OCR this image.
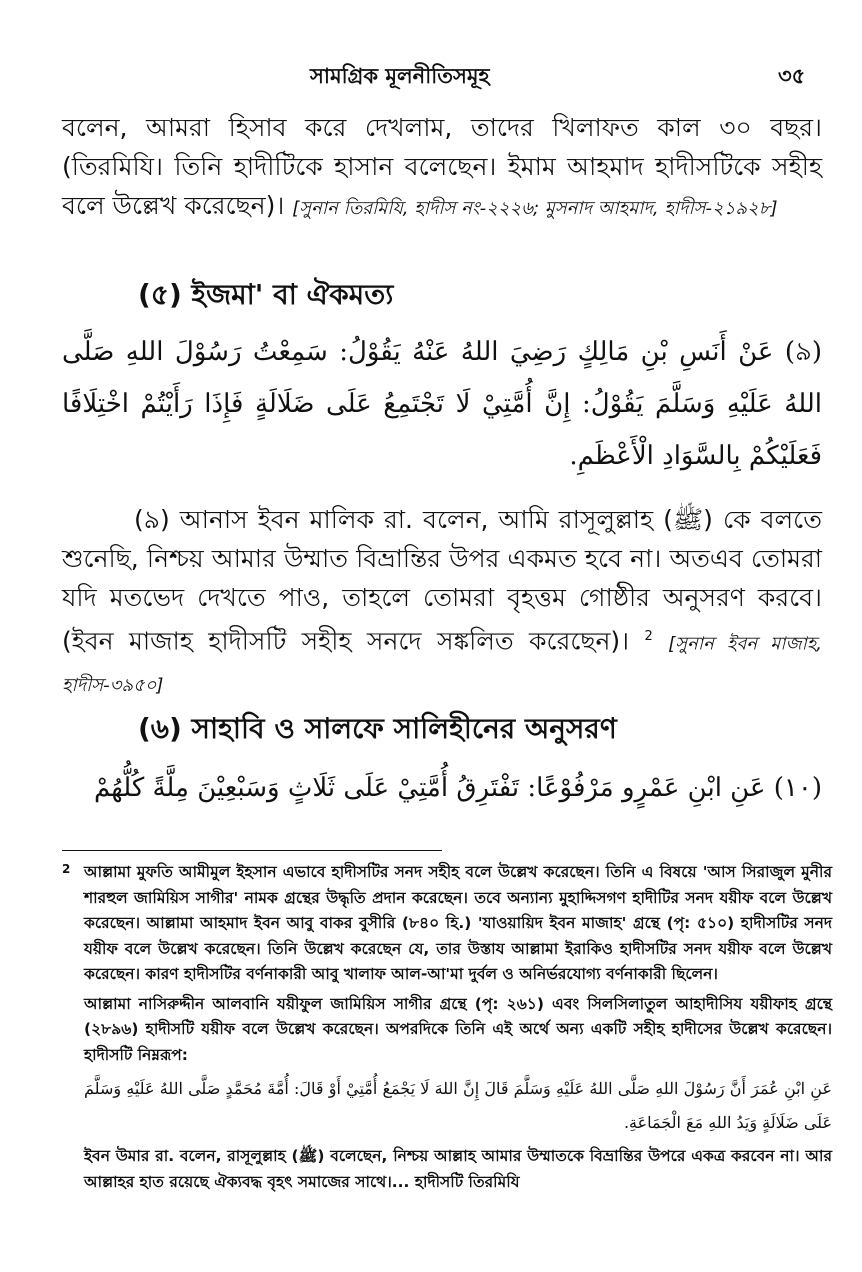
সামগ্রিক মূলনীতিসমূহ	৩৫

বলেন, আমরা হিসাব করে দেখলাম, তাদের খিলাফত কাল ৩০ বছর। (তিরমিযি। তিনি হাদীটিকে হাসান বলেছেন। ইমাম আহমাদ হাদীসটিকে সহীহ বলে উল্লেখ করেছেন)। [সুনান তিরমিযি, হাদীস নং-২২২৬; মুসনাদ আহমাদ, হাদীস-২১৯২৮]

(৫) ইজমা' বা ঐকমত্য

(৯) عَنْ أَنَسِ بْنِ مَالِكٍ رَضِيَ اللهُ عَنْهُ يَقُوْلُ: سَمِعْتُ رَسُوْلَ اللهِ صَلَّى اللهُ عَلَيْهِ وَسَلَّمَ يَقُوْلُ: إِنَّ أُمَّتِيْ لَا تَجْتَمِعُ عَلَى ضَلَالَةٍ فَإِذَا رَأَيْتُمْ اخْتِلَافًا فَعَلَيْكُمْ بِالسَّوَادِ الْأَعْظَمِ.

(৯) আনাস ইবন মালিক রা. বলেন, আমি রাসূলুল্লাহ (ﷺ) কে বলতে শুনেছি, নিশ্চয় আমার উম্মাত বিভ্রান্তির উপর একমত হবে না। অতএব তোমরা যদি মতভেদ দেখতে পাও, তাহলে তোমরা বৃহত্তম গোষ্ঠীর অনুসরণ করবে। (ইবন মাজাহ হাদীসটি সহীহ সনদে সঙ্কলিত করেছেন)। $^2$ [সুনান ইবন মাজাহ, হাদীস-৩৯৫০]

(৬) সাহাবি ও সালফে সালিহীনের অনুসরণ

(١٠) عَنِ ابْنِ عَمْرٍو مَرْفُوْعًا: تَفْتَرِقُ أُمَّتِيْ عَلَى ثَلَاثٍ وَسَبْعِيْنَ مِلَّةً كُلُّهُمْ

2 আল্লামা মুফতি আমীমুল ইহসান এভাবে হাদীসটির সনদ সহীহ বলে উল্লেখ করেছেন। তিনি এ বিষয়ে 'আস সিরাজুল মুনীর শারহুল জামিয়িস সাগীর' নামক গ্রন্থের উদ্ধৃতি প্রদান করেছেন। তবে অন্যান্য মুহাদ্দিসগণ হাদীটির সনদ যয়ীফ বলে উল্লেখ করেছেন। আল্লামা আহমাদ ইবন আবু বাকর বুসীরি (৮৪০ হি.) 'যাওয়ায়িদ ইবন মাজাহ' গ্রন্থে (পৃ: ৫১০) হাদীসটির সনদ যয়ীফ বলে উল্লেখ করেছেন। তিনি উল্লেখ করেছেন যে, তার উস্তায আল্লামা ইরাকিও হাদীসটির সনদ যয়ীফ বলে উল্লেখ করেছেন। কারণ হাদীসটির বর্ণনাকারী আবু খালাফ আল-আ'মা দুর্বল ও অনির্ভরযোগ্য বর্ণনাকারী ছিলেন।

আল্লামা নাসিরুদ্দীন আলবানি যয়ীফুল জামিয়িস সাগীর গ্রন্থে (পৃ: ২৬১) এবং সিলসিলাতুল আহাদীসিয যয়ীফাহ গ্রন্থে (২৮৯৬) হাদীসটি যয়ীফ বলে উল্লেখ করেছেন। অপরদিকে তিনি এই অর্থে অন্য একটি সহীহ হাদীসের উল্লেখ করেছেন। হাদীসটি নিম্নরূপ:

عَنِ ابْنِ عُمَرَ أَنَّ رَسُوْلَ اللهِ صَلَّى اللهُ عَلَيْهِ وَسَلَّمَ قَالَ إِنَّ اللهَ لَا يَجْمَعُ أُمَّتِيْ أَوْ قَالَ: أُمَّةَ مُحَمَّدٍ صَلَّى اللهُ عَلَيْهِ وَسَلَّمَ عَلَى ضَلَالَةٍ وَيَدُ اللهِ مَعَ الْجَمَاعَةِ.

ইবন উমার রা. বলেন, রাসূলুল্লাহ (ﷺ) বলেছেন, নিশ্চয় আল্লাহ আমার উম্মাতকে বিভ্রান্তির উপরে একত্র করবেন না। আর আল্লাহর হাত রয়েছে ঐক্যবদ্ধ বৃহৎ সমাজের সাথে।... হাদীসটি তিরমিযি
